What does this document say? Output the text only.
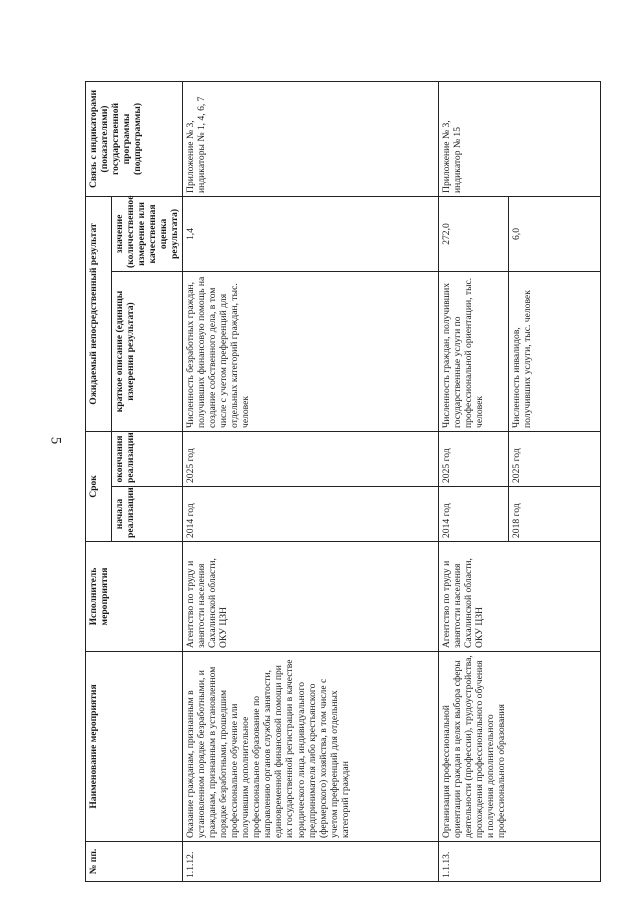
5
№ пп.	Наименование мероприятия	Исполнитель мероприятия	Срок		Ожидаемый непосредственный результат		Связь с индикаторами (показателями) государственной программы (подпрограммы)
			начала реализации	окончания реализации	краткое описание (единицы измерения результата)	значение (количественное измерение или качественная оценка результата)	
1.1.12.	Оказание гражданам, признанным в установленном порядке безработными, и гражданам, признанным в установленном порядке безработными, прошедшим профессиональное обучение или получившим дополнительное профессиональное образование по направлению органов службы занятости, единовременной финансовой помощи при их государственной регистрации в качестве юридического лица, индивидуального предпринимателя либо крестьянского (фермерского) хозяйства, в том числе с учетом преференций для отдельных категорий граждан	Агентство по труду и занятости населения Сахалинской области, ОКУ ЦЗН	2014 год	2025 год	Численность безработных граждан, получивших финансовую помощь на создание собственного дела, в том числе с учетом преференций для отдельных категорий граждан, тыс. человек	1,4	Приложение № 3, индикаторы № 1, 4, 6, 7
1.1.13.	Организация профессиональной ориентации граждан в целях выбора сферы деятельности (профессии), трудоустройства, прохождения профессионального обучения и получения дополнительного профессионального образования	Агентство по труду и занятости населения Сахалинской области, ОКУ ЦЗН	2014 год	2025 год	Численность граждан, получивших государственные услуги по профессиональной ориентации, тыс. человек	272,0	Приложение № 3, индикатор № 15
			2018 год	2025 год	Численность инвалидов, получивших услуги, тыс. человек	6,0	
